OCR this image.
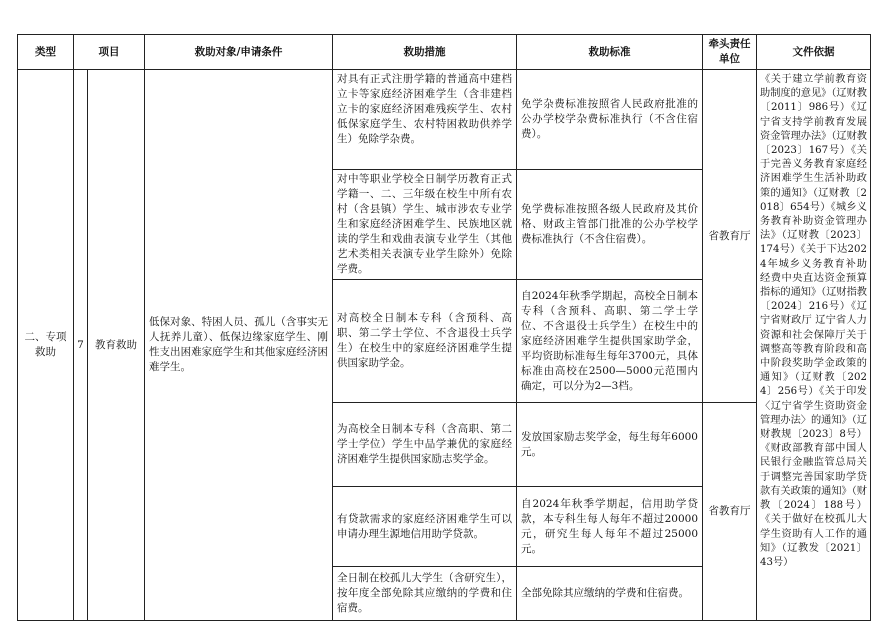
类型	项目		救助对象/申请条件	救助措施	救助标准	牵头责任单位	文件依据
二、专项救助	7	教育救助	低保对象、特困人员、孤儿（含事实无人抚养儿童）、低保边缘家庭学生、刚性支出困难家庭学生和其他家庭经济困难学生。	对具有正式注册学籍的普通高中建档立卡等家庭经济困难学生（含非建档立卡的家庭经济困难残疾学生、农村低保家庭学生、农村特困救助供养学生）免除学杂费。	免学杂费标准按照省人民政府批准的公办学校学杂费标准执行（不含住宿费）。	省教育厅	《关于建立学前教育资助制度的意见》（辽财教〔2011〕986号）《辽宁省支持学前教育发展资金管理办法》（辽财教〔2023〕167号）《关于完善义务教育家庭经济困难学生生活补助政策的通知》（辽财教〔2018〕654号）《城乡义务教育补助资金管理办法》（辽财教〔2023〕174号）《关于下达2024年城乡义务教育补助经费中央直达资金预算指标的通知》（辽财指教〔2024〕216号）《辽宁省财政厅 辽宁省人力资源和社会保障厅关于调整高等教育阶段和高中阶段奖助学金政策的通知》（辽财教〔2024〕256号）《关于印发〈辽宁省学生资助资金管理办法〉的通知》（辽财教规〔2023〕8号）《财政部教育部中国人民银行金融监管总局关于调整完善国家助学贷款有关政策的通知》（财教〔2024〕188号）《关于做好在校孤儿大学生资助有人工作的通知》（辽教发〔2021〕43号）
				对中等职业学校全日制学历教育正式学籍一、二、三年级在校生中所有农村（含县镇）学生、城市涉农专业学生和家庭经济困难学生、民族地区就读的学生和戏曲表演专业学生（其他艺术类相关表演专业学生除外）免除学费。	免学费标准按照各级人民政府及其价格、财政主管部门批准的公办学校学费标准执行（不含住宿费）。		
				对高校全日制本专科（含预科、高职、第二学士学位、不含退役士兵学生）在校生中的家庭经济困难学生提供国家助学金。	自2024年秋季学期起，高校全日制本专科（含预科、高职、第二学士学位、不含退役士兵学生）在校生中的家庭经济困难学生提供国家助学金，平均资助标准每生每年3700元，具体标准由高校在2500—5000元范围内确定，可以分为2—3档。		
				为高校全日制本专科（含高职、第二学士学位）学生中品学兼优的家庭经济困难学生提供国家励志奖学金。	发放国家励志奖学金，每生每年6000元。	省教育厅	
				有贷款需求的家庭经济困难学生可以申请办理生源地信用助学贷款。	自2024年秋季学期起，信用助学贷款，本专科生每人每年不超过20000元，研究生每人每年不超过25000元。		
				全日制在校孤儿大学生（含研究生），按年度全部免除其应缴纳的学费和住宿费。	全部免除其应缴纳的学费和住宿费。		
